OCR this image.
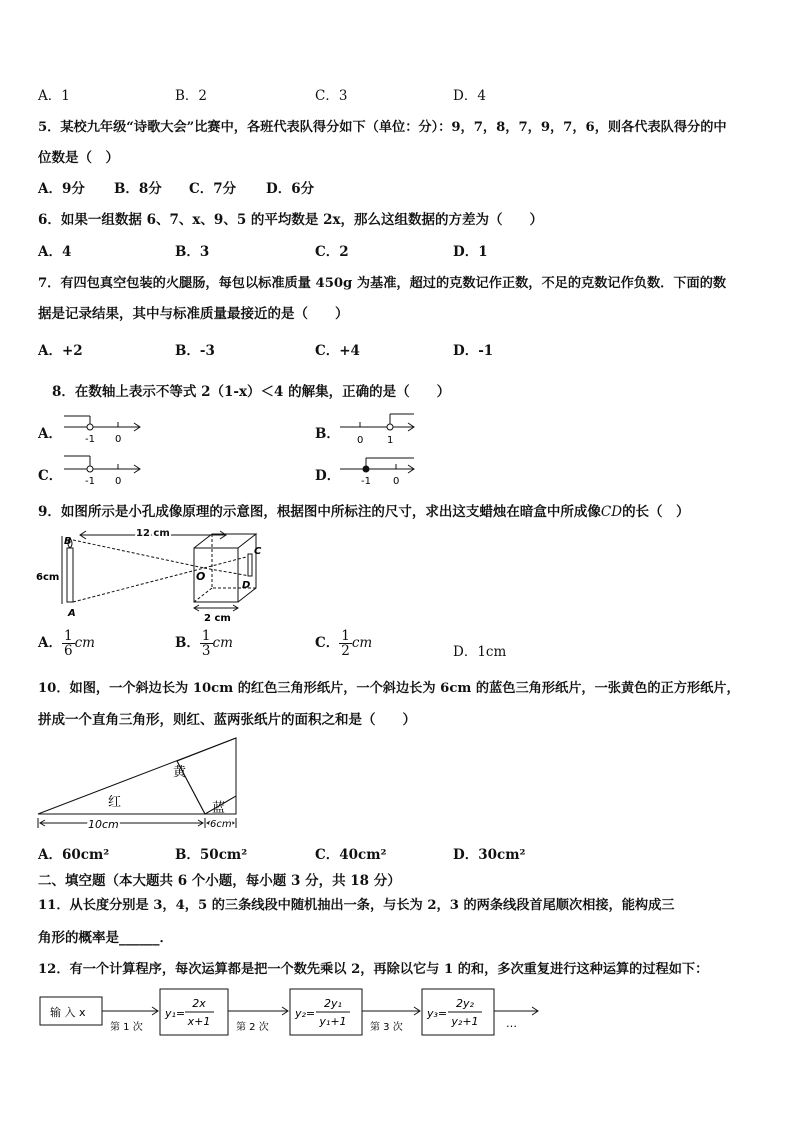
A．1	B．2	C．3	D．4
5．某校九年级“诗歌大会”比赛中，各班代表队得分如下（单位：分）：9，7，8，7，9，7，6，则各代表队得分的中
位数是（　）
A．9分 B．8分 C．7分 D．6分
6．如果一组数据 6、7、x、9、5 的平均数是 2x，那么这组数据的方差为（　　）
A．4	B．3	C．2	D．1
7．有四包真空包装的火腿肠，每包以标准质量 450g 为基准，超过的克数记作正数，不足的克数记作负数．下面的数
据是记录结果，其中与标准质量最接近的是（　　）
A．+2	B．-3	C．+4	D．-1
8．在数轴上表示不等式 2（1-x）＜4 的解集，正确的是（　　）
A． -1 0	B． 0 1
C． -1 0	D． -1 0
9．如图所示是小孔成像原理的示意图，根据图中所标注的尺寸，求出这支蜡烛在暗盒中所成像CD的长（　）
12 cm
6cm
B
A
C
D
O
2 cm
A． $\frac{1}{6}$ cm	B． $\frac{1}{3}$ cm	C． $\frac{1}{2}$ cm
D．1cm
10．如图，一个斜边长为 10cm 的红色三角形纸片，一个斜边长为 6cm 的蓝色三角形纸片，一张黄色的正方形纸片，
拼成一个直角三角形，则红、蓝两张纸片的面积之和是（　　）
黄
红	蓝
10cm	6cm
A．60cm²	B．50cm²	C．40cm²	D．30cm²
二、填空题（本大题共 6 个小题，每小题 3 分，共 18 分）
11．从长度分别是 3，4，5 的三条线段中随机抽出一条，与长为 2，3 的两条线段首尾顺次相接，能构成三
角形的概率是______．
12．有一个计算程序，每次运算都是把一个数先乘以 2，再除以它与 1 的和，多次重复进行这种运算的过程如下：
输 入 x
第 1 次
y₁=
2x
x+1	第 2 次
y₂=
2y₁
y₁+1 第 3 次
y₃=
2y₂
y₂+1 …
